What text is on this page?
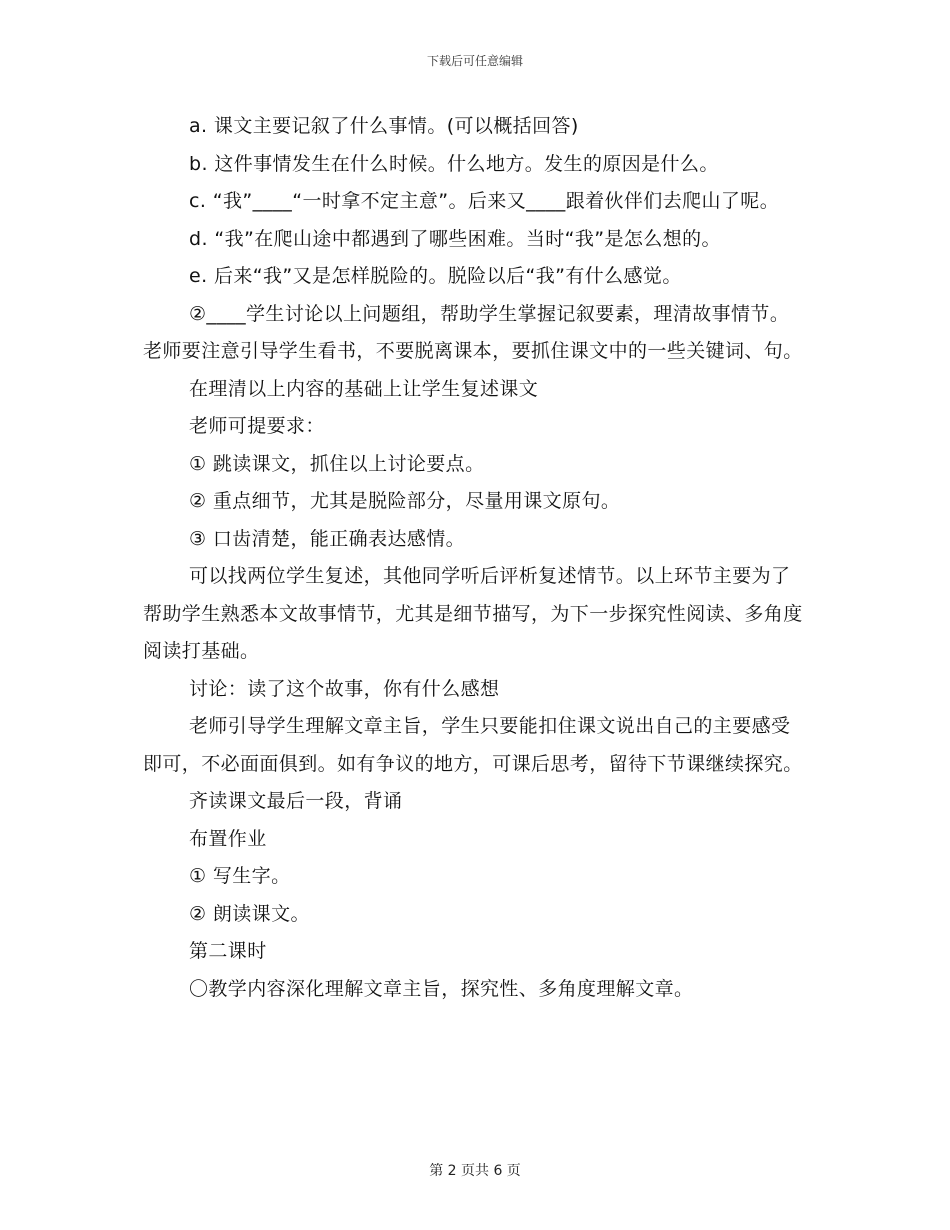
下载后可任意编辑

a. 课文主要记叙了什么事情。(可以概括回答)

b. 这件事情发生在什么时候。什么地方。发生的原因是什么。

c. “我”____“一时拿不定主意”。后来又____跟着伙伴们去爬山了呢。

d. “我”在爬山途中都遇到了哪些困难。当时“我”是怎么想的。

e. 后来“我”又是怎样脱险的。脱险以后“我”有什么感觉。

②____学生讨论以上问题组，帮助学生掌握记叙要素，理清故事情节。老师要注意引导学生看书，不要脱离课本，要抓住课文中的一些关键词、句。

在理清以上内容的基础上让学生复述课文

老师可提要求：

① 跳读课文，抓住以上讨论要点。

② 重点细节，尤其是脱险部分，尽量用课文原句。

③ 口齿清楚，能正确表达感情。

可以找两位学生复述，其他同学听后评析复述情节。以上环节主要为了帮助学生熟悉本文故事情节，尤其是细节描写，为下一步探究性阅读、多角度阅读打基础。

讨论：读了这个故事，你有什么感想

老师引导学生理解文章主旨，学生只要能扣住课文说出自己的主要感受即可，不必面面俱到。如有争议的地方，可课后思考，留待下节课继续探究。

齐读课文最后一段，背诵

布置作业

① 写生字。

② 朗读课文。

第二课时

〇教学内容深化理解文章主旨，探究性、多角度理解文章。

第 2 页共 6 页
